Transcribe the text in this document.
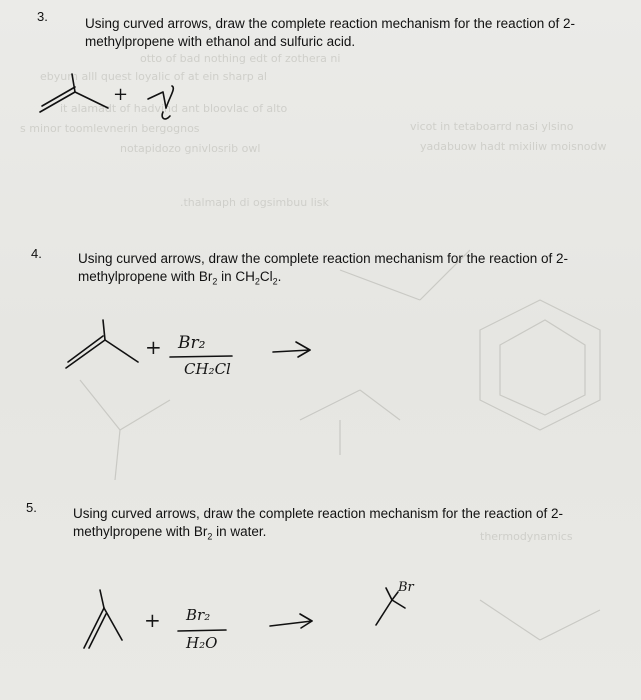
otto of bad nothing edt of zothera ni
ebyum alll quest loyalic of at ein sharp al
it alamadt of hadvind ant bloovlac of alto
s minor toomlevnerin bergognos
notapidozo gnivlosrib owl
.thalmaph di ogsimbuu lisk
vicot in tetaboarrd nasi ylsino
yadabuow hadt mixiliw moisnodw
thermodynamics
3.	Using curved arrows, draw the complete reaction mechanism for the reaction of 2-
methylpropene with ethanol and sulfuric acid.
4.	Using curved arrows, draw the complete reaction mechanism for the reaction of 2-
methylpropene with $Br_2$ in $CH_2Cl_2$.
5.	Using curved arrows, draw the complete reaction mechanism for the reaction of 2-
methylpropene with $Br_2$ in water.
+
+ Br₂
CH₂Cl
+ Br₂
H₂O
Br
